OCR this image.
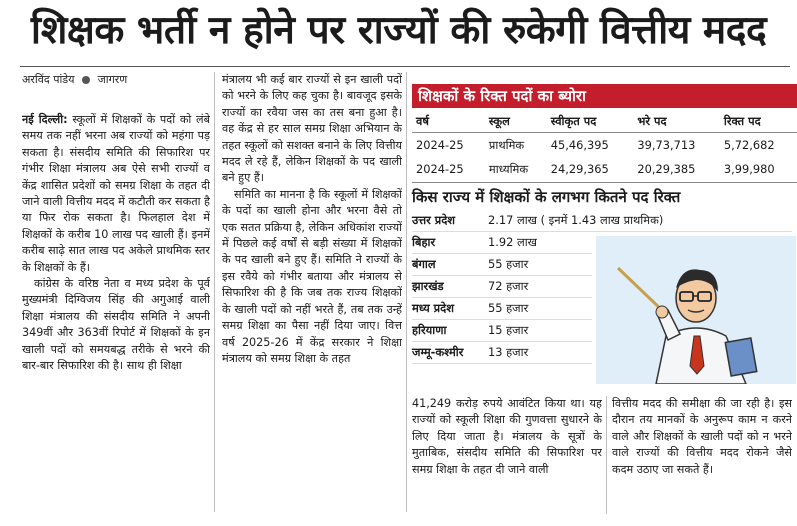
शिक्षक भर्ती न होने पर राज्यों की रुकेगी वित्तीय मदद
अरविंद पांडेय जागरण

नई दिल्ली: स्कूलों में शिक्षकों के पदों को लंबे समय तक नहीं भरना अब राज्यों को महंगा पड़ सकता है। संसदीय समिति की सिफारिश पर गंभीर शिक्षा मंत्रालय अब ऐसे सभी राज्यों व केंद्र शासित प्रदेशों को समग्र शिक्षा के तहत दी जाने वाली वित्तीय मदद में कटौती कर सकता है या फिर रोक सकता है। फिलहाल देश में शिक्षकों के करीब 10 लाख पद खाली हैं। इनमें करीब साढ़े सात लाख पद अकेले प्राथमिक स्तर के शिक्षकों के हैं।

कांग्रेस के वरिष्ठ नेता व मध्य प्रदेश के पूर्व मुख्यमंत्री दिग्विजय सिंह की अगुआई वाली शिक्षा मंत्रालय की संसदीय समिति ने अपनी 349वीं और 363वीं रिपोर्ट में शिक्षकों के इन खाली पदों को समयबद्ध तरीके से भरने की बार-बार सिफारिश की है। साथ ही शिक्षा

मंत्रालय भी कई बार राज्यों से इन खाली पदों को भरने के लिए कह चुका है। बावजूद इसके राज्यों का रवैया जस का तस बना हुआ है। वह केंद्र से हर साल समग्र शिक्षा अभियान के तहत स्कूलों को सशक्त बनाने के लिए वित्तीय मदद ले रहे हैं, लेकिन शिक्षकों के पद खाली बने हुए हैं।

समिति का मानना है कि स्कूलों में शिक्षकों के पदों का खाली होना और भरना वैसे तो एक सतत प्रक्रिया है, लेकिन अधिकांश राज्यों में पिछले कई वर्षों से बड़ी संख्या में शिक्षकों के पद खाली बने हुए हैं। समिति ने राज्यों के इस रवैये को गंभीर बताया और मंत्रालय से सिफारिश की है कि जब तक राज्य शिक्षकों के खाली पदों को नहीं भरते हैं, तब तक उन्हें समग्र शिक्षा का पैसा नहीं दिया जाए। वित्त वर्ष 2025-26 में केंद्र सरकार ने शिक्षा मंत्रालय को समग्र शिक्षा के तहत

शिक्षकों के रिक्त पदों का ब्योरा
वर्ष	स्कूल	स्वीकृत पद	भरे पद	रिक्त पद
2024-25	प्राथमिक	45,46,395	39,73,713	5,72,682
2024-25	माध्यमिक	24,29,365	20,29,385	3,99,980
किस राज्य में शिक्षकों के लगभग कितने पद रिक्त
उत्तर प्रदेश	2.17 लाख ( इनमें 1.43 लाख प्राथमिक)
बिहार	1.92 लाख
बंगाल	55 हजार
झारखंड	72 हजार
मध्य प्रदेश	55 हजार
हरियाणा	15 हजार
जम्मू-कश्मीर	13 हजार

41,249 करोड़ रुपये आवंटित किया था। यह राज्यों को स्कूली शिक्षा की गुणवत्ता सुधारने के लिए दिया जाता है। मंत्रालय के सूत्रों के मुताबिक, संसदीय समिति की सिफारिश पर समग्र शिक्षा के तहत दी जाने वाली

वित्तीय मदद की समीक्षा की जा रही है। इस दौरान तय मानकों के अनुरूप काम न करने वाले और शिक्षकों के खाली पदों को न भरने वाले राज्यों की वित्तीय मदद रोकने जैसे कदम उठाए जा सकते हैं।
